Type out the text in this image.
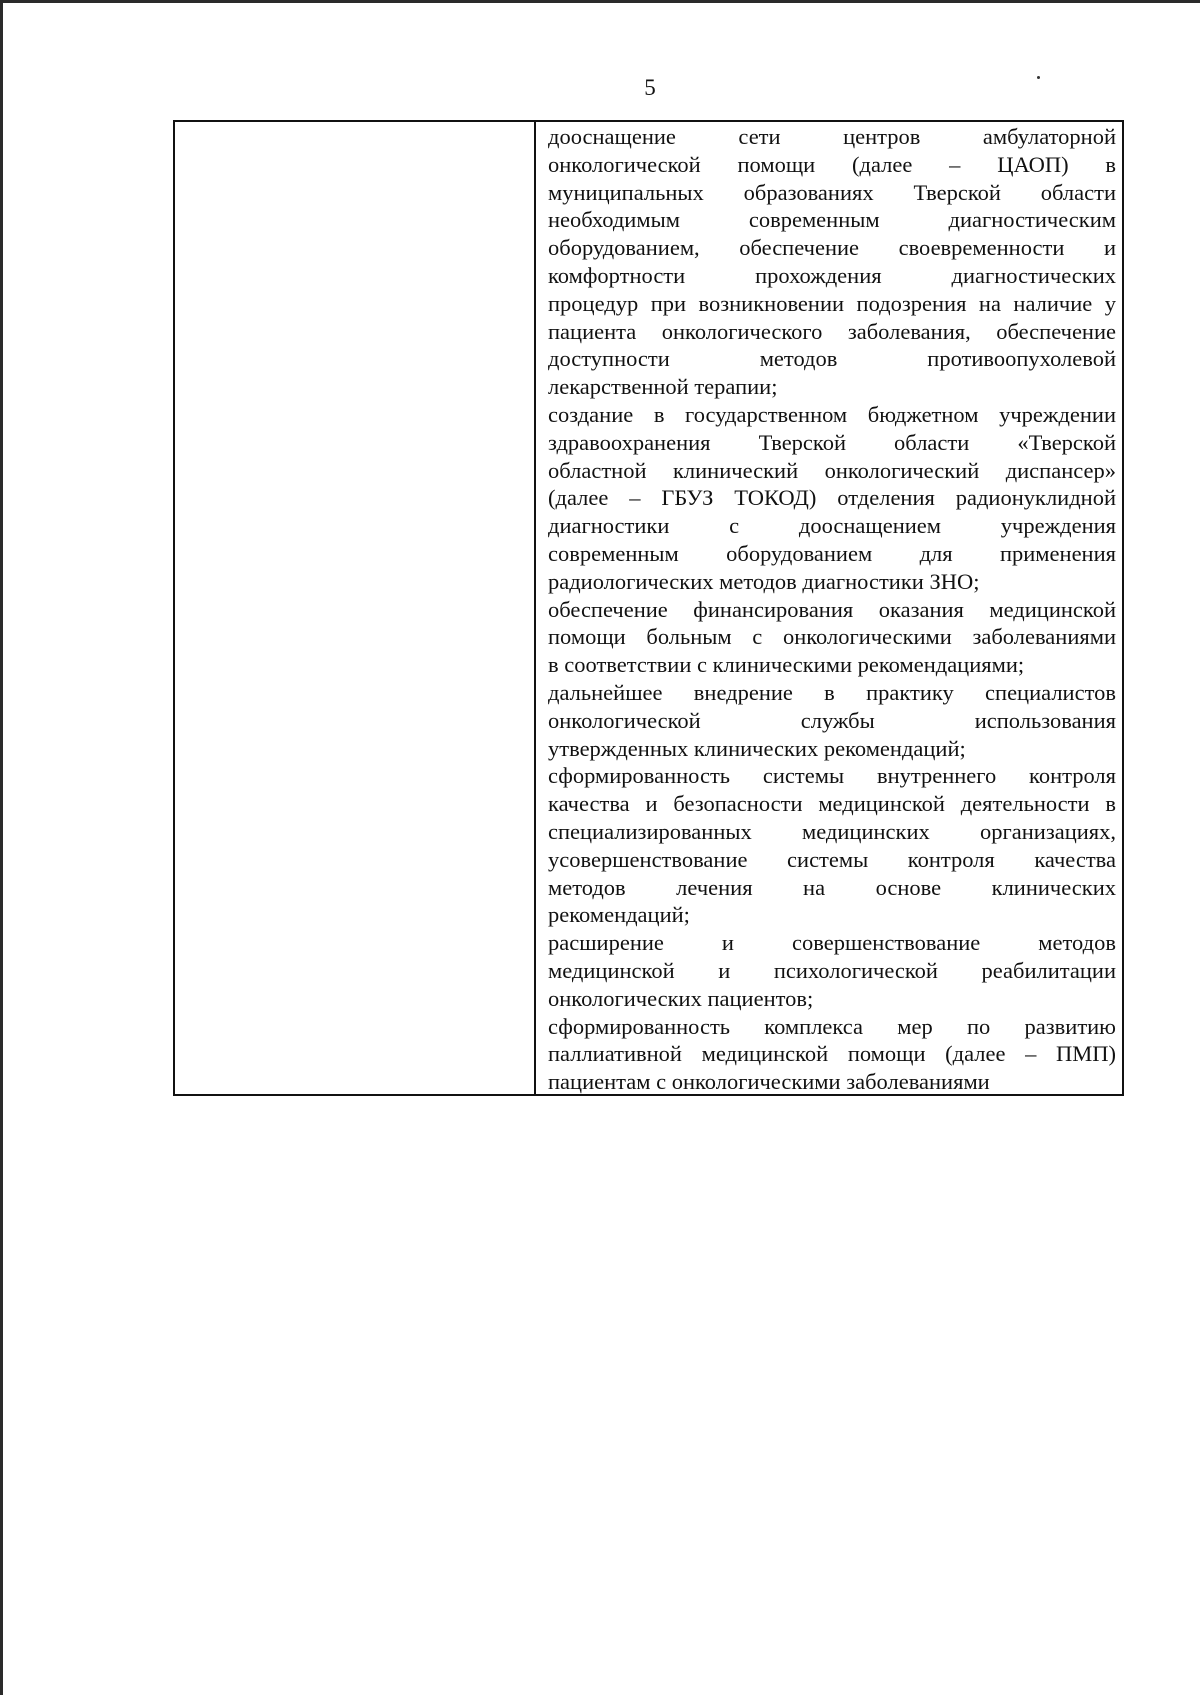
5
дооснащение сети центров амбулаторной
онкологической помощи (далее – ЦАОП) в
муниципальных образованиях Тверской области
необходимым современным диагностическим
оборудованием, обеспечение своевременности и
комфортности прохождения диагностических
процедур при возникновении подозрения на наличие у
пациента онкологического заболевания, обеспечение
доступности методов противоопухолевой
лекарственной терапии;
создание в государственном бюджетном учреждении
здравоохранения Тверской области «Тверской
областной клинический онкологический диспансер»
(далее – ГБУЗ ТОКОД) отделения радионуклидной
диагностики с дооснащением учреждения
современным оборудованием для применения
радиологических методов диагностики ЗНО;
обеспечение финансирования оказания медицинской
помощи больным с онкологическими заболеваниями
в соответствии с клиническими рекомендациями;
дальнейшее внедрение в практику специалистов
онкологической службы использования
утвержденных клинических рекомендаций;
сформированность системы внутреннего контроля
качества и безопасности медицинской деятельности в
специализированных медицинских организациях,
усовершенствование системы контроля качества
методов лечения на основе клинических
рекомендаций;
расширение и совершенствование методов
медицинской и психологической реабилитации
онкологических пациентов;
сформированность комплекса мер по развитию
паллиативной медицинской помощи (далее – ПМП)
пациентам с онкологическими заболеваниями
